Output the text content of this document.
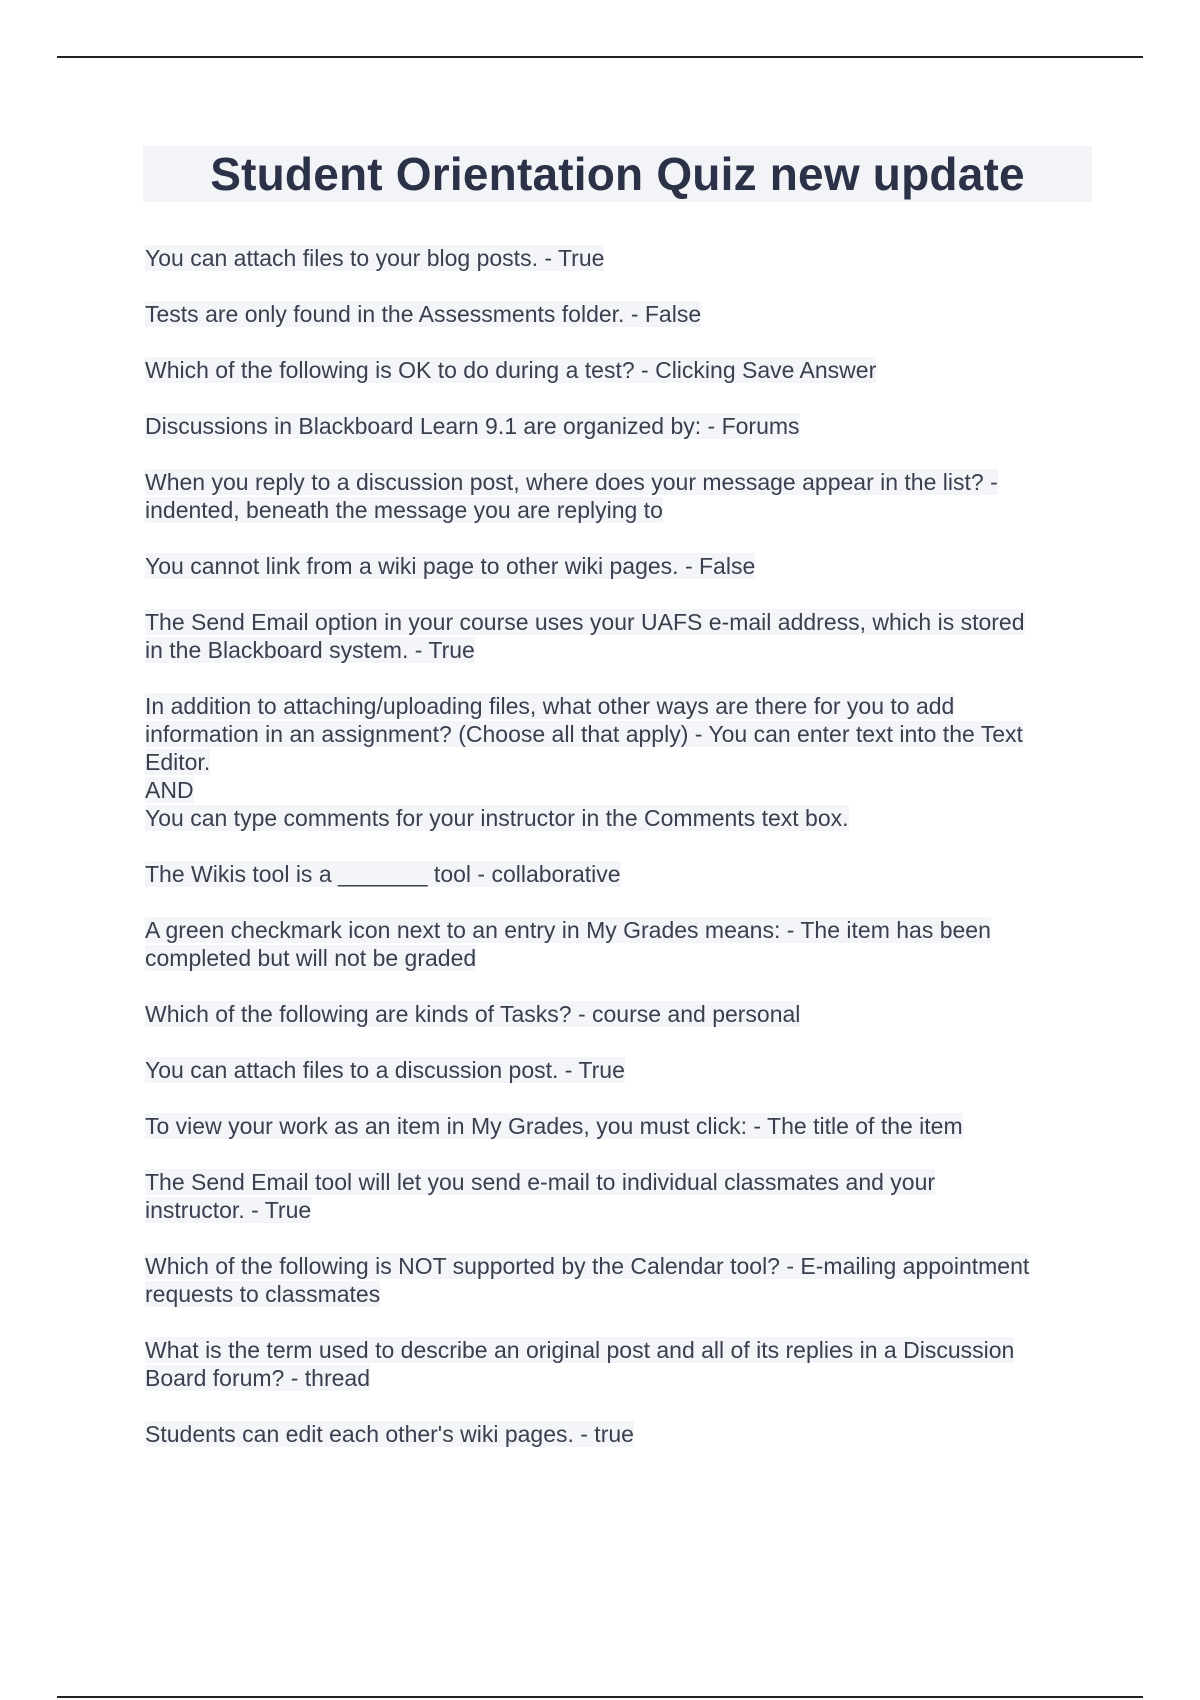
Student Orientation Quiz new update
You can attach files to your blog posts. - True
Tests are only found in the Assessments folder. - False
Which of the following is OK to do during a test? - Clicking Save Answer
Discussions in Blackboard Learn 9.1 are organized by: - Forums
When you reply to a discussion post, where does your message appear in the list? -
indented, beneath the message you are replying to
You cannot link from a wiki page to other wiki pages. - False
The Send Email option in your course uses your UAFS e-mail address, which is stored
in the Blackboard system. - True
In addition to attaching/uploading files, what other ways are there for you to add
information in an assignment? (Choose all that apply) - You can enter text into the Text
Editor.
AND
You can type comments for your instructor in the Comments text box.
The Wikis tool is a _______ tool - collaborative
A green checkmark icon next to an entry in My Grades means: - The item has been
completed but will not be graded
Which of the following are kinds of Tasks? - course and personal
You can attach files to a discussion post. - True
To view your work as an item in My Grades, you must click: - The title of the item
The Send Email tool will let you send e-mail to individual classmates and your
instructor. - True
Which of the following is NOT supported by the Calendar tool? - E-mailing appointment
requests to classmates
What is the term used to describe an original post and all of its replies in a Discussion
Board forum? - thread
Students can edit each other's wiki pages. - true
